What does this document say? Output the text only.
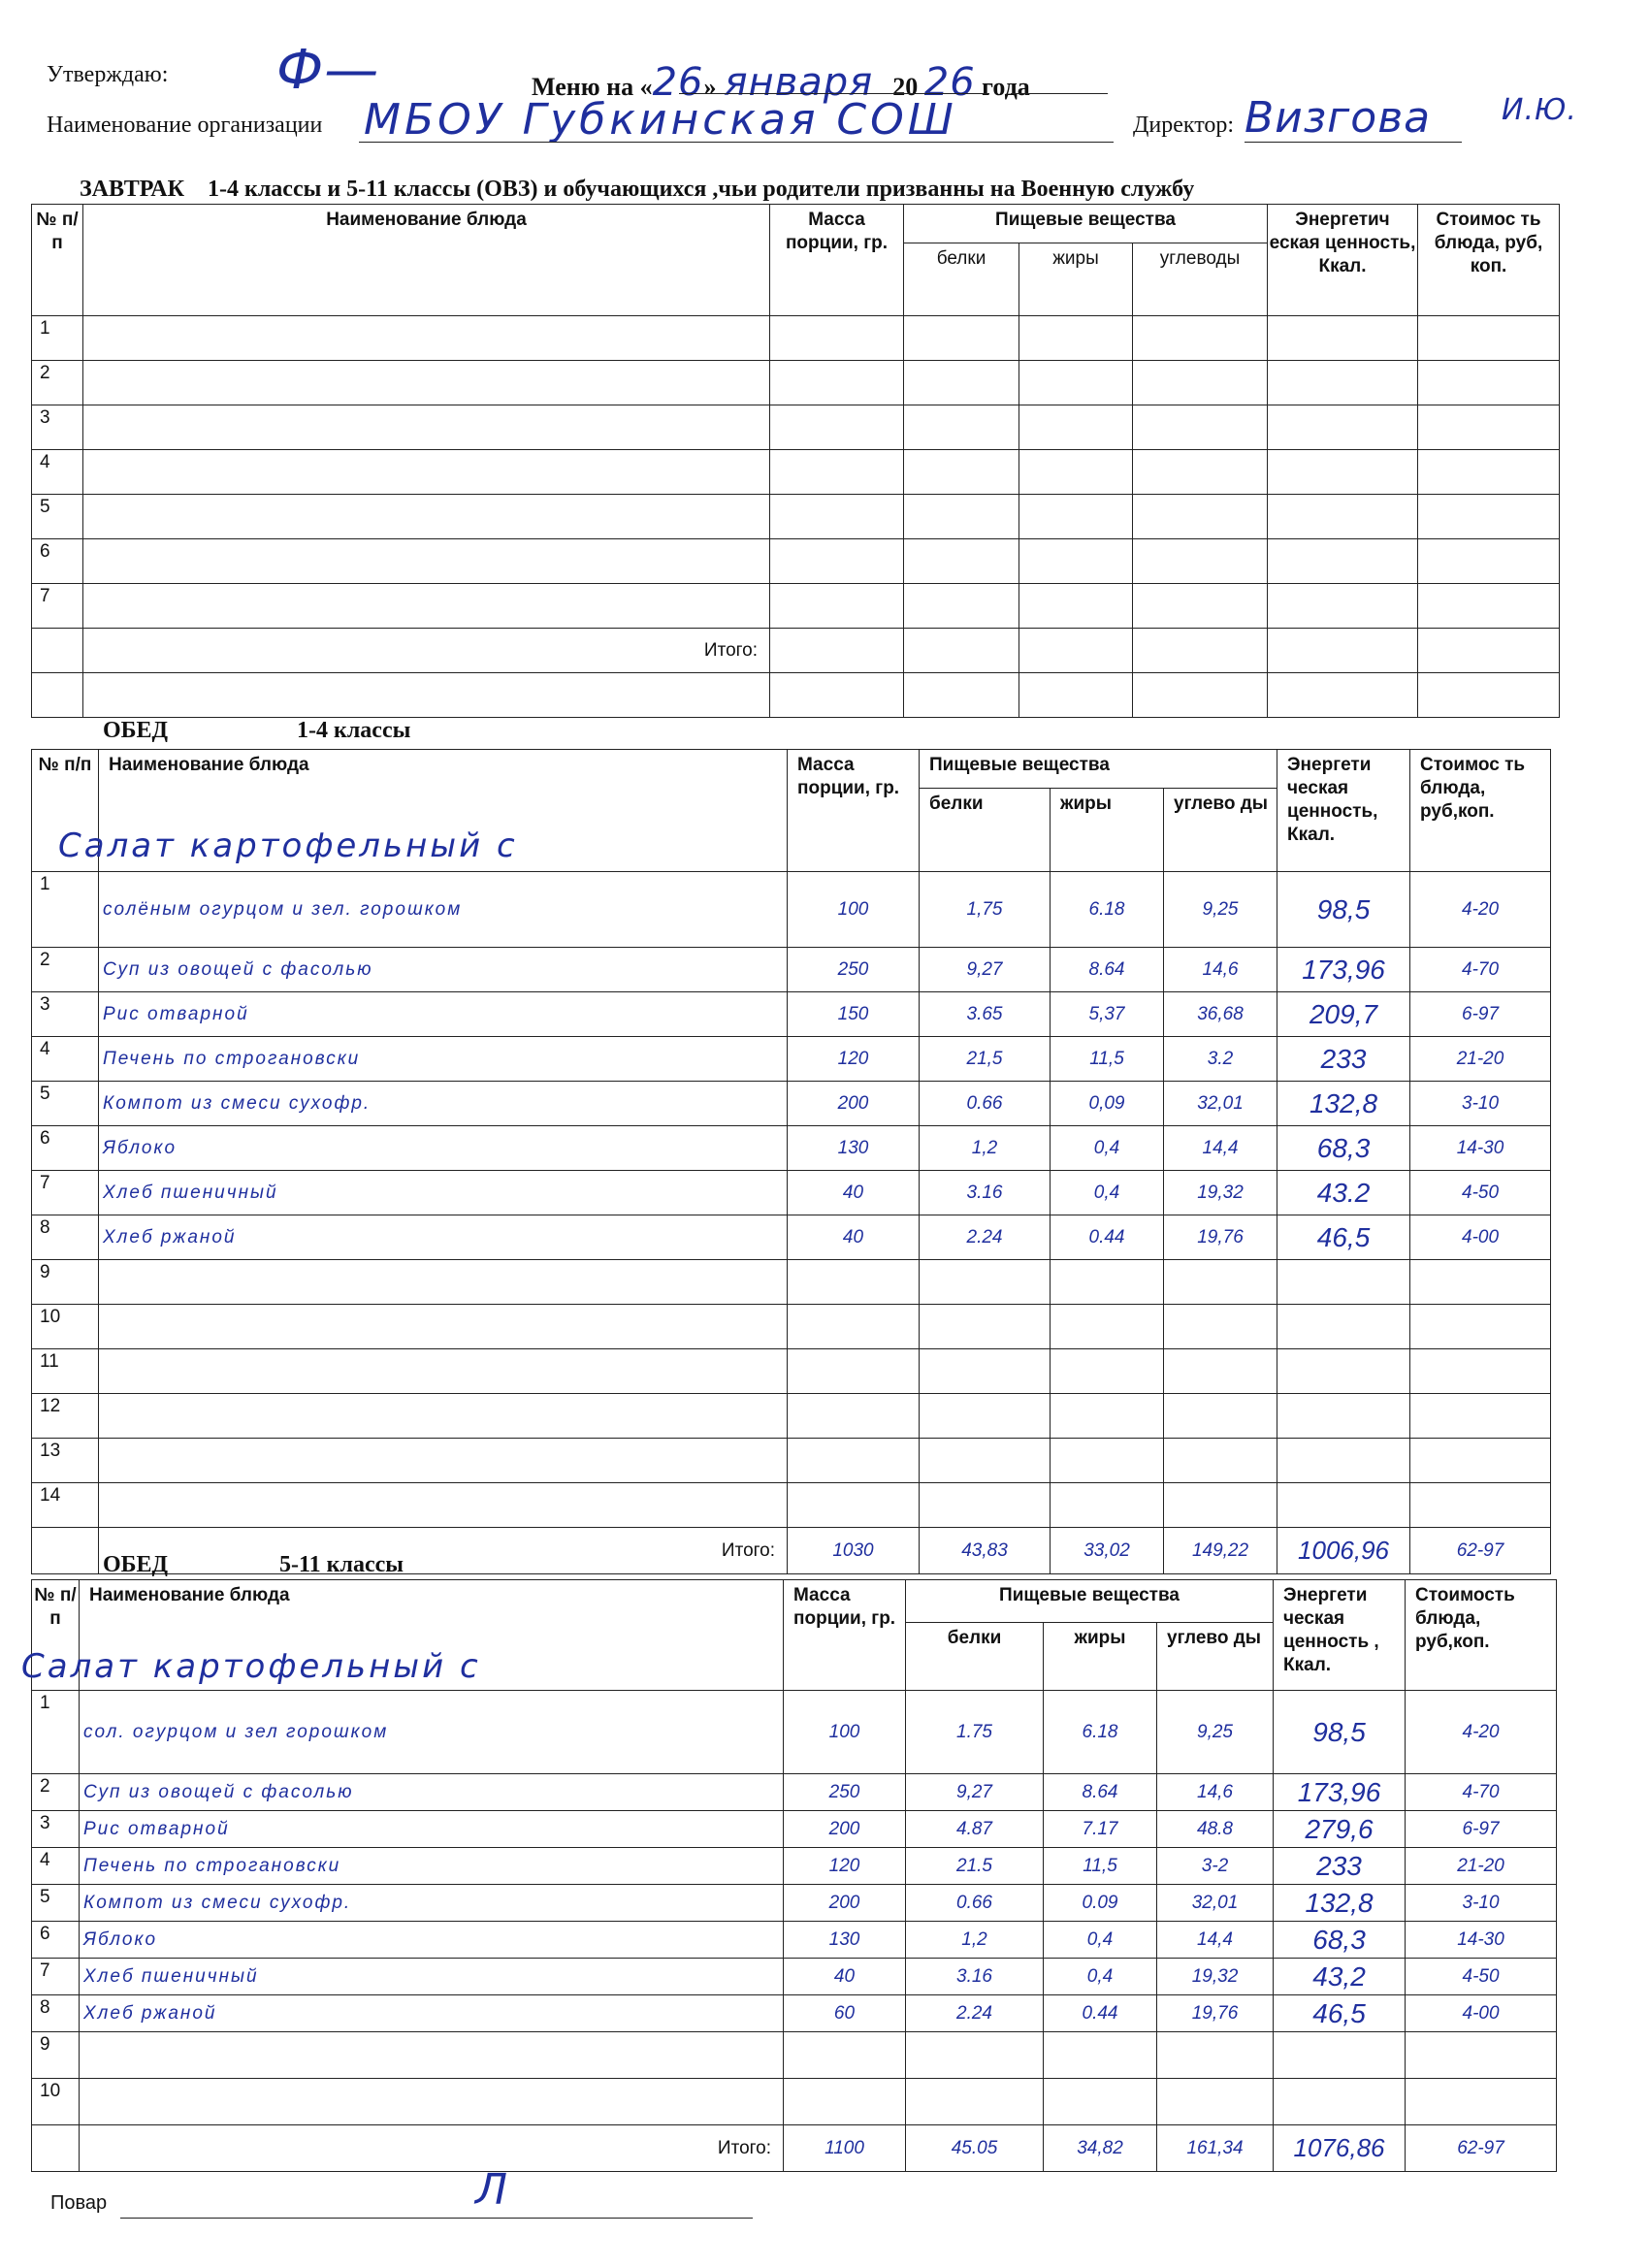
Утверждаю: Ф—	Меню на «26» января 20 26 года
Наименование организации МБОУ Губкинская СОШ	Директор: Визгова И.Ю.
ЗАВТРАК    1-4 классы и 5-11 классы (ОВЗ) и обучающихся ,чьи родители призванны на Военную службу
№ п/ п	Наименование блюда	Масса порции, гр.	Пищевые вещества			Энергетич еская ценность, Ккал.	Стоимос ть блюда, руб, коп.
			белки	жиры	углеводы		
1							
2							
3							
4							
5							
6							
7							
	Итого:						

ОБЕД	1-4 классы
№ п/п	Наименование блюда	Масса порции, гр.	Пищевые вещества			Энергети ческая ценность, Ккал.	Стоимос ть блюда, руб,коп.
			белки	жиры	углево ды		
1	солёным огурцом и зел. горошком	100	1,75	6.18	9,25	98,5	4-20
2	Суп из овощей с фасолью	250	9,27	8.64	14,6	173,96	4-70
3	Рис отварной	150	3.65	5,37	36,68	209,7	6-97
4	Печень по строгановски	120	21,5	11,5	3.2	233	21-20
5	Компот из смеси сухофр.	200	0.66	0,09	32,01	132,8	3-10
6	Яблоко	130	1,2	0,4	14,4	68,3	14-30
7	Хлеб пшеничный	40	3.16	0,4	19,32	43.2	4-50
8	Хлеб ржаной	40	2.24	0.44	19,76	46,5	4-00
9							
10							
11							
12							
13							
14							
	Итого:	1030	43,83	33,02	149,22	1006,96	62-97
Салат картофельный с
ОБЕД	5-11 классы
№ п/ п	Наименование блюда	Масса порции, гр.	Пищевые вещества			Энергети ческая ценность , Ккал.	Стоимость блюда, руб,коп.
			белки	жиры	углево ды		
1	сол. огурцом и зел горошком	100	1.75	6.18	9,25	98,5	4-20
2	Суп из овощей с фасолью	250	9,27	8.64	14,6	173,96	4-70
3	Рис отварной	200	4.87	7.17	48.8	279,6	6-97
4	Печень по строгановски	120	21.5	11,5	3-2	233	21-20
5	Компот из смеси сухофр.	200	0.66	0.09	32,01	132,8	3-10
6	Яблоко	130	1,2	0,4	14,4	68,3	14-30
7	Хлеб пшеничный	40	3.16	0,4	19,32	43,2	4-50
8	Хлеб ржаной	60	2.24	0.44	19,76	46,5	4-00
9							
10							
	Итого:	1100	45.05	34,82	161,34	1076,86	62-97
Салат картофельный с
Повар	Л
